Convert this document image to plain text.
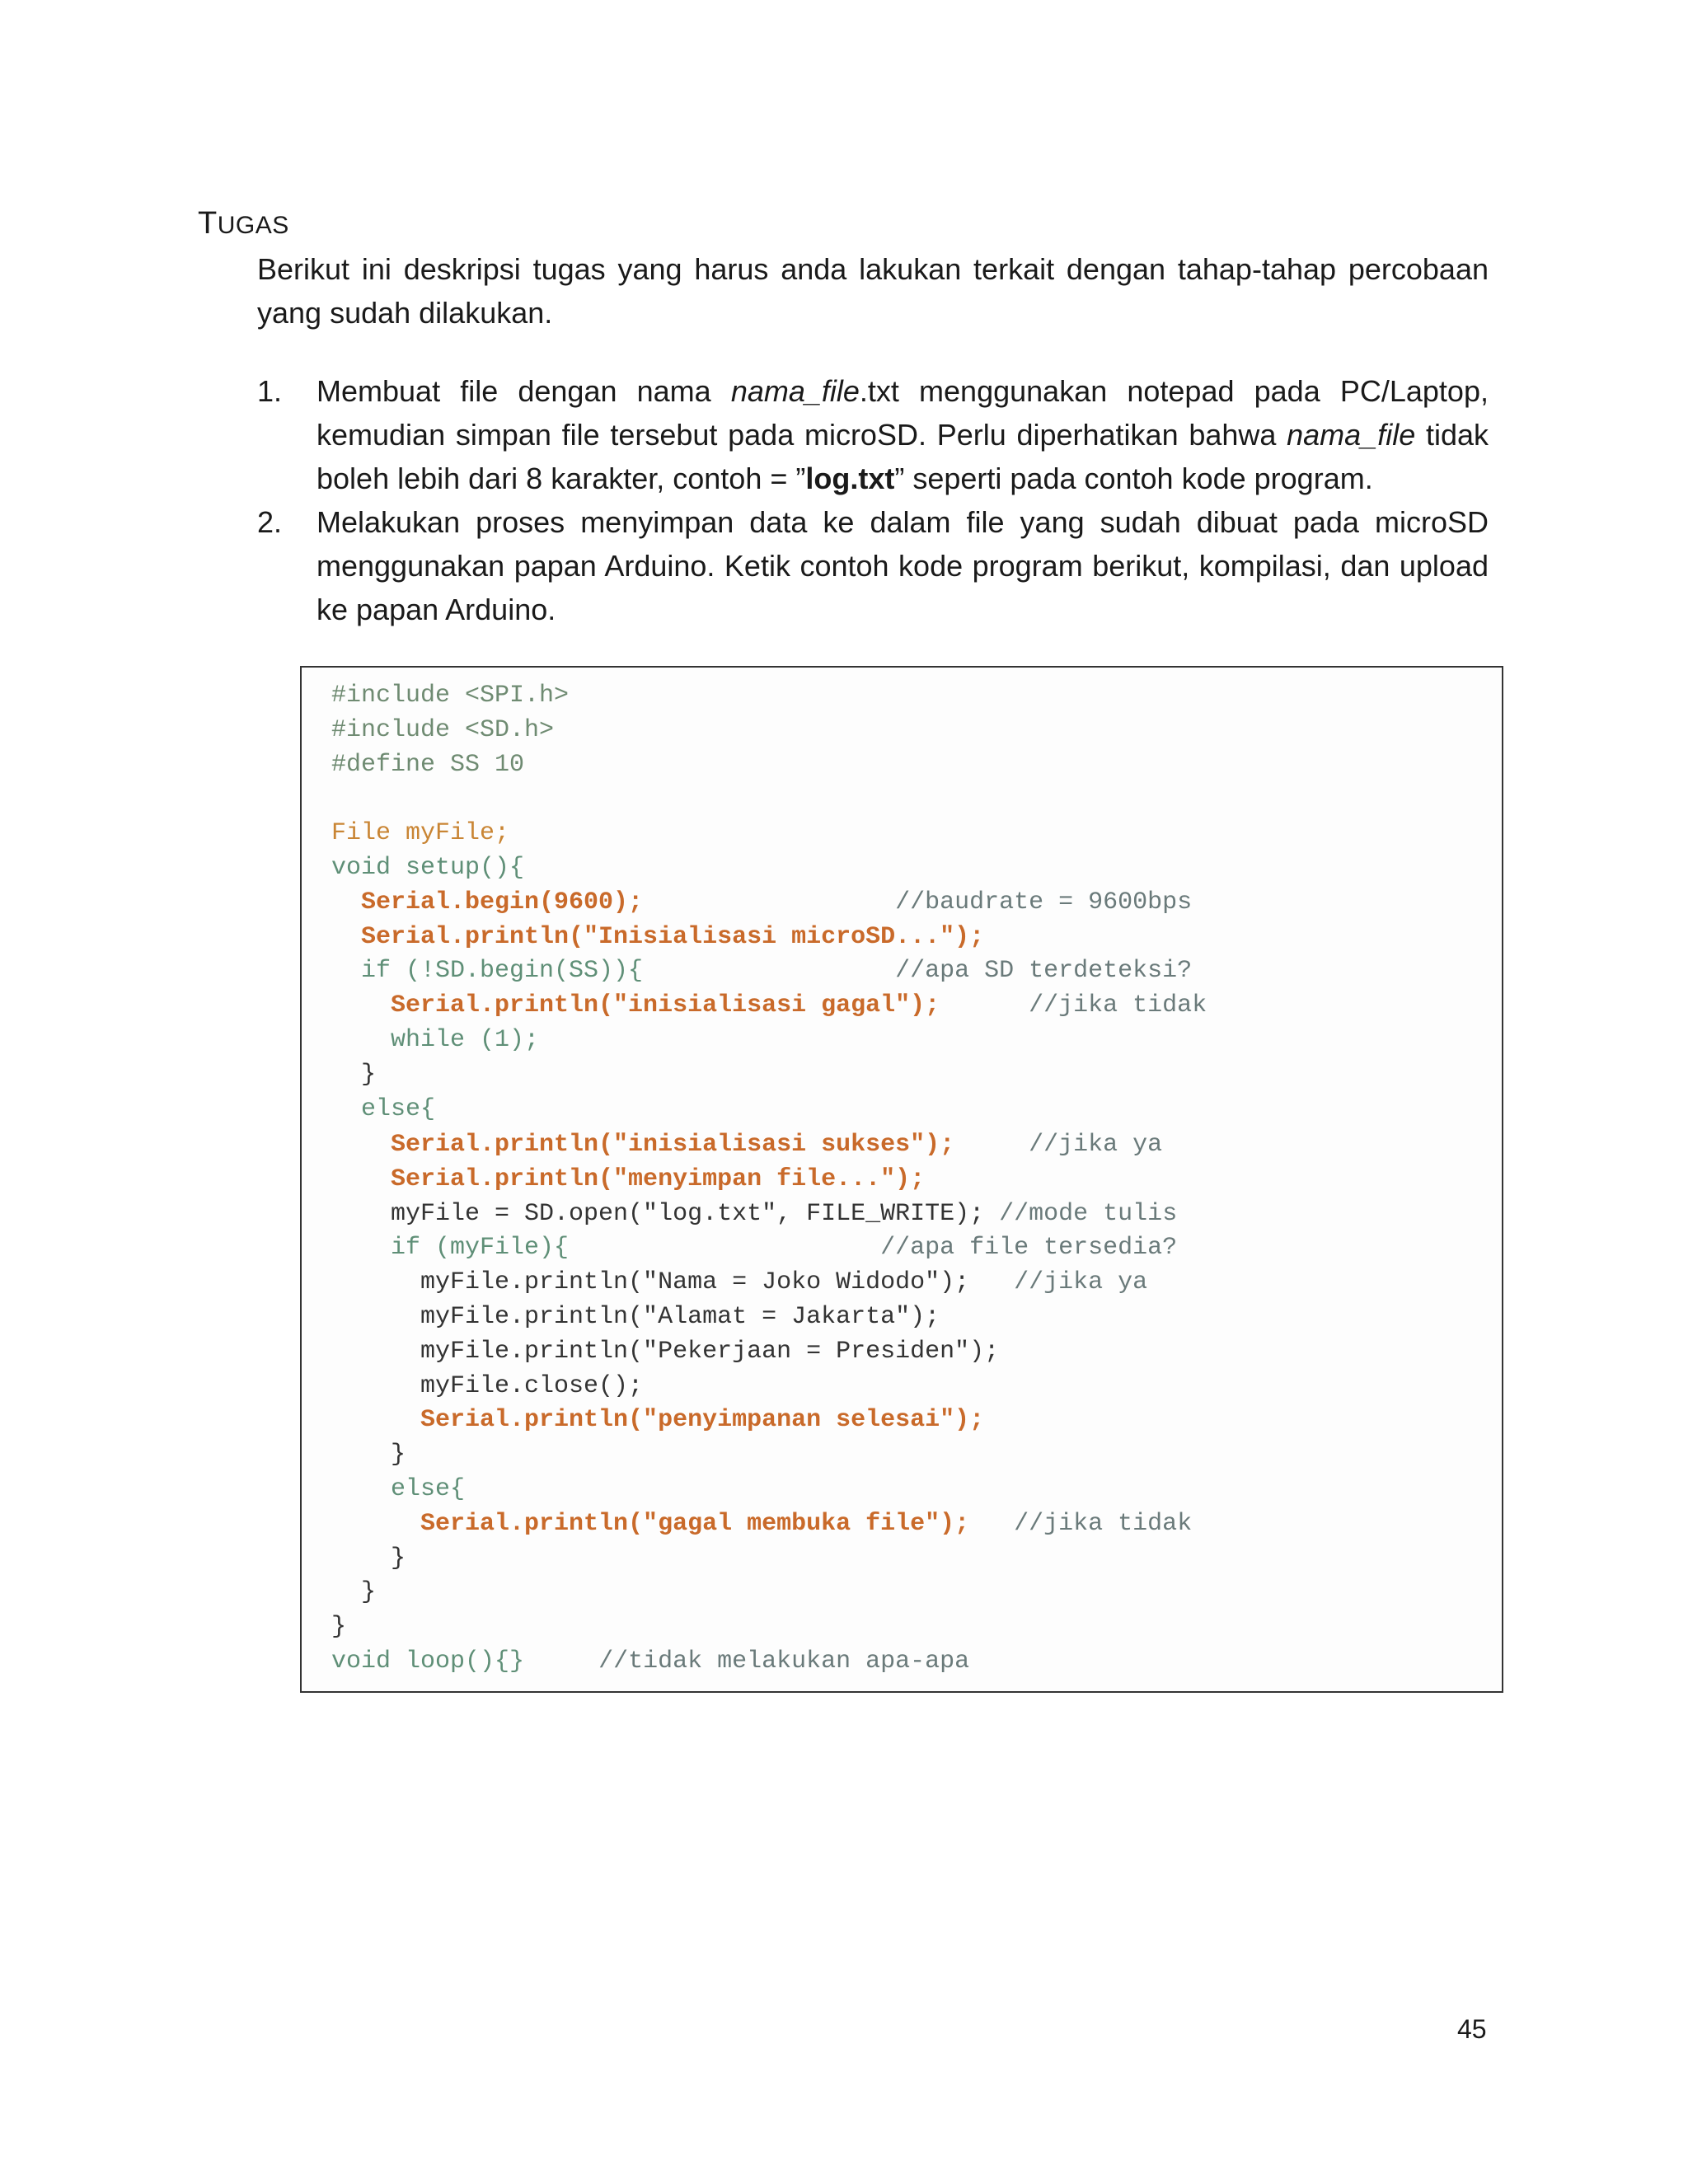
TUGAS
Berikut ini deskripsi tugas yang harus anda lakukan terkait dengan tahap-tahap percobaan yang sudah dilakukan.
1. Membuat file dengan nama nama_file.txt menggunakan notepad pada PC/Laptop, kemudian simpan file tersebut pada microSD. Perlu diperhatikan bahwa nama_file tidak boleh lebih dari 8 karakter, contoh = ”log.txt” seperti pada contoh kode program.
2. Melakukan proses menyimpan data ke dalam file yang sudah dibuat pada microSD menggunakan papan Arduino. Ketik contoh kode program berikut, kompilasi, dan upload ke papan Arduino.
#include <SPI.h>
#include <SD.h>
#define SS 10
File myFile;
void setup(){
Serial.begin(9600);	//baudrate = 9600bps
Serial.println("Inisialisasi microSD...");
if (!SD.begin(SS)){	//apa SD terdeteksi?
Serial.println("inisialisasi gagal");	//jika tidak
while (1);
}
else{
Serial.println("inisialisasi sukses");	//jika ya
Serial.println("menyimpan file...");
myFile = SD.open("log.txt", FILE_WRITE); //mode tulis
if (myFile){	//apa file tersedia?
myFile.println("Nama = Joko Widodo"); //jika ya
myFile.println("Alamat = Jakarta");
myFile.println("Pekerjaan = Presiden");
myFile.close();
Serial.println("penyimpanan selesai");
}
else{
Serial.println("gagal membuka file"); //jika tidak
}
}
}
void loop(){}	//tidak melakukan apa-apa
45
